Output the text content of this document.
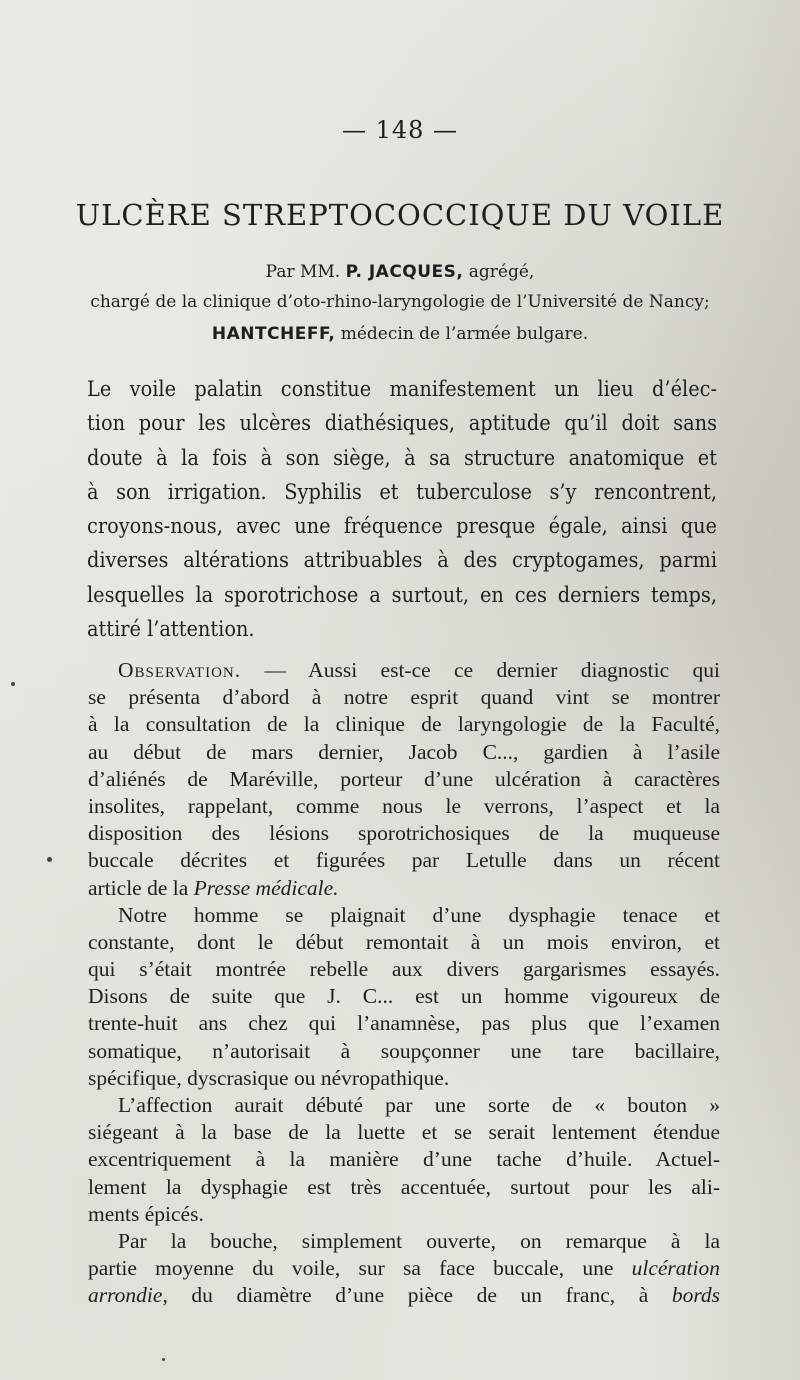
— 148 —
ULCÈRE STREPTOCOCCIQUE DU VOILE
Par MM. P. JACQUES, agrégé,
chargé de la clinique d’oto-rhino-laryngologie de l’Université de Nancy;
HANTCHEFF, médecin de l’armée bulgare.
Le voile palatin constitue manifestement un lieu d’élec-
tion pour les ulcères diathésiques, aptitude qu’il doit sans
doute à la fois à son siège, à sa structure anatomique et
à son irrigation. Syphilis et tuberculose s’y rencontrent,
croyons-nous, avec une fréquence presque égale, ainsi que
diverses altérations attribuables à des cryptogames, parmi
lesquelles la sporotrichose a surtout, en ces derniers temps,
attiré l’attention.
Observation. — Aussi est-ce ce dernier diagnostic qui
se présenta d’abord à notre esprit quand vint se montrer
à la consultation de la clinique de laryngologie de la Faculté,
au début de mars dernier, Jacob C..., gardien à l’asile
d’aliénés de Maréville, porteur d’une ulcération à caractères
insolites, rappelant, comme nous le verrons, l’aspect et la
disposition des lésions sporotrichosiques de la muqueuse
buccale décrites et figurées par Letulle dans un récent
article de la Presse médicale.
Notre homme se plaignait d’une dysphagie tenace et
constante, dont le début remontait à un mois environ, et
qui s’était montrée rebelle aux divers gargarismes essayés.
Disons de suite que J. C... est un homme vigoureux de
trente-huit ans chez qui l’anamnèse, pas plus que l’examen
somatique, n’autorisait à soupçonner une tare bacillaire,
spécifique, dyscrasique ou névropathique.
L’affection aurait débuté par une sorte de « bouton »
siégeant à la base de la luette et se serait lentement étendue
excentriquement à la manière d’une tache d’huile. Actuel-
lement la dysphagie est très accentuée, surtout pour les ali-
ments épicés.
Par la bouche, simplement ouverte, on remarque à la
partie moyenne du voile, sur sa face buccale, une ulcération
arrondie, du diamètre d’une pièce de un franc, à bords
